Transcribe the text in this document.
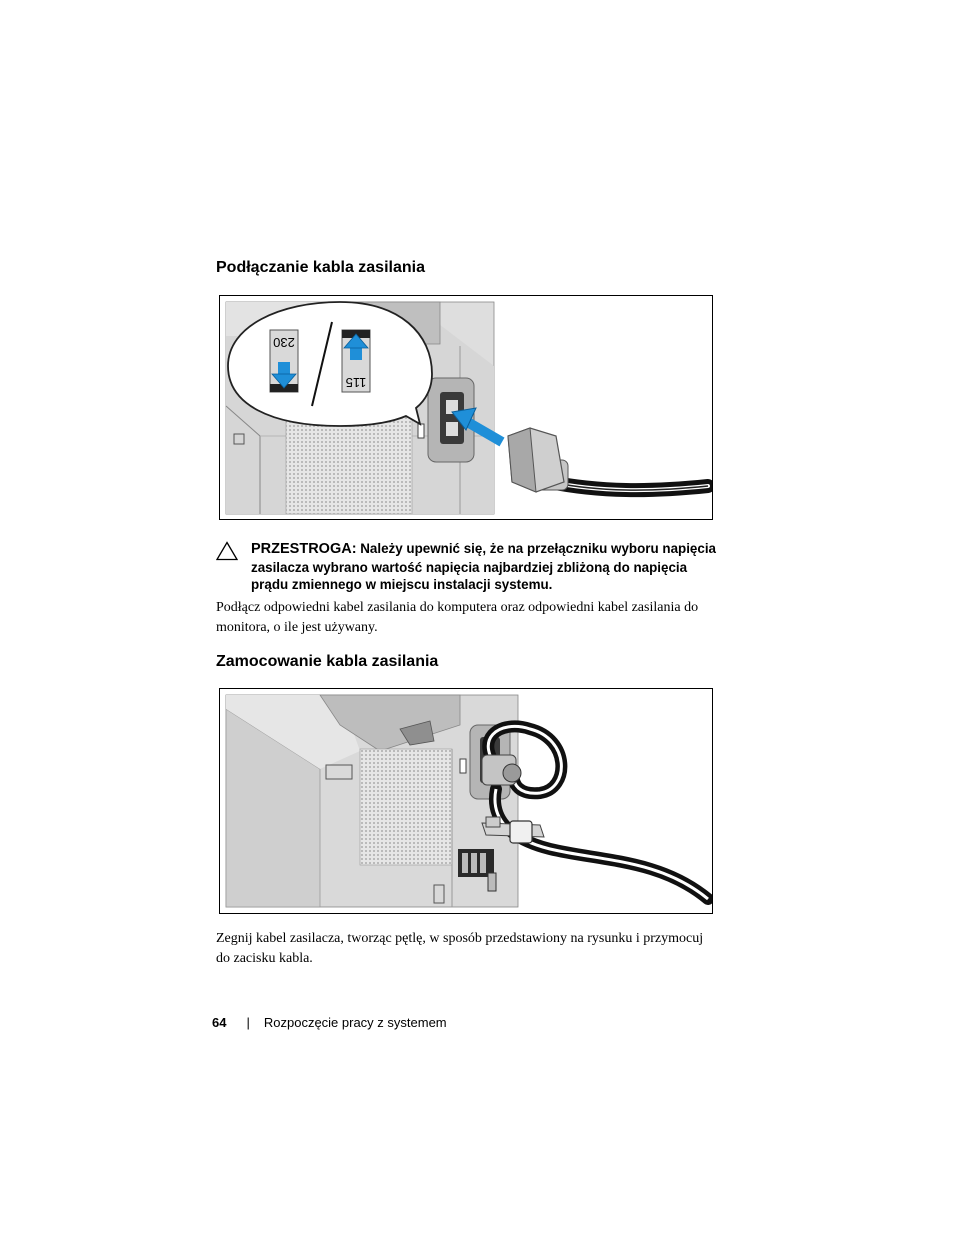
Podłączanie kabla zasilania
230
115
PRZESTROGA: Należy upewnić się, że na przełączniku wyboru napięcia zasilacza wybrano wartość napięcia najbardziej zbliżoną do napięcia prądu zmiennego w miejscu instalacji systemu.

Podłącz odpowiedni kabel zasilania do komputera oraz odpowiedni kabel zasilania do monitora, o ile jest używany.

Zamocowanie kabla zasilania

Zegnij kabel zasilacza, tworząc pętlę, w sposób przedstawiony na rysunku i przymocuj do zacisku kabla.

64 | Rozpoczęcie pracy z systemem
